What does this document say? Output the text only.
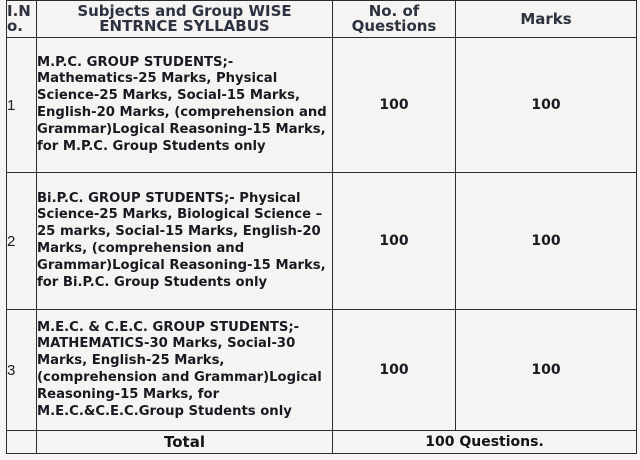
I.N o.	Subjects and Group WISE ENTRNCE SYLLABUS	No. of Questions	Marks
1	M.P.C. GROUP STUDENTS;- Mathematics-25 Marks, Physical Science-25 Marks, Social-15 Marks, English-20 Marks, (comprehension and Grammar)Logical Reasoning-15 Marks, for M.P.C. Group Students only	100	100
2	Bi.P.C. GROUP STUDENTS;- Physical Science-25 Marks, Biological Science – 25 marks, Social-15 Marks, English-20 Marks, (comprehension and Grammar)Logical Reasoning-15 Marks, for Bi.P.C. Group Students only	100	100
3	M.E.C. & C.E.C. GROUP STUDENTS;- MATHEMATICS-30 Marks, Social-30 Marks, English-25 Marks, (comprehension and Grammar)Logical Reasoning-15 Marks, for M.E.C.&C.E.C.Group Students only	100	100
	Total	100 Questions.	
